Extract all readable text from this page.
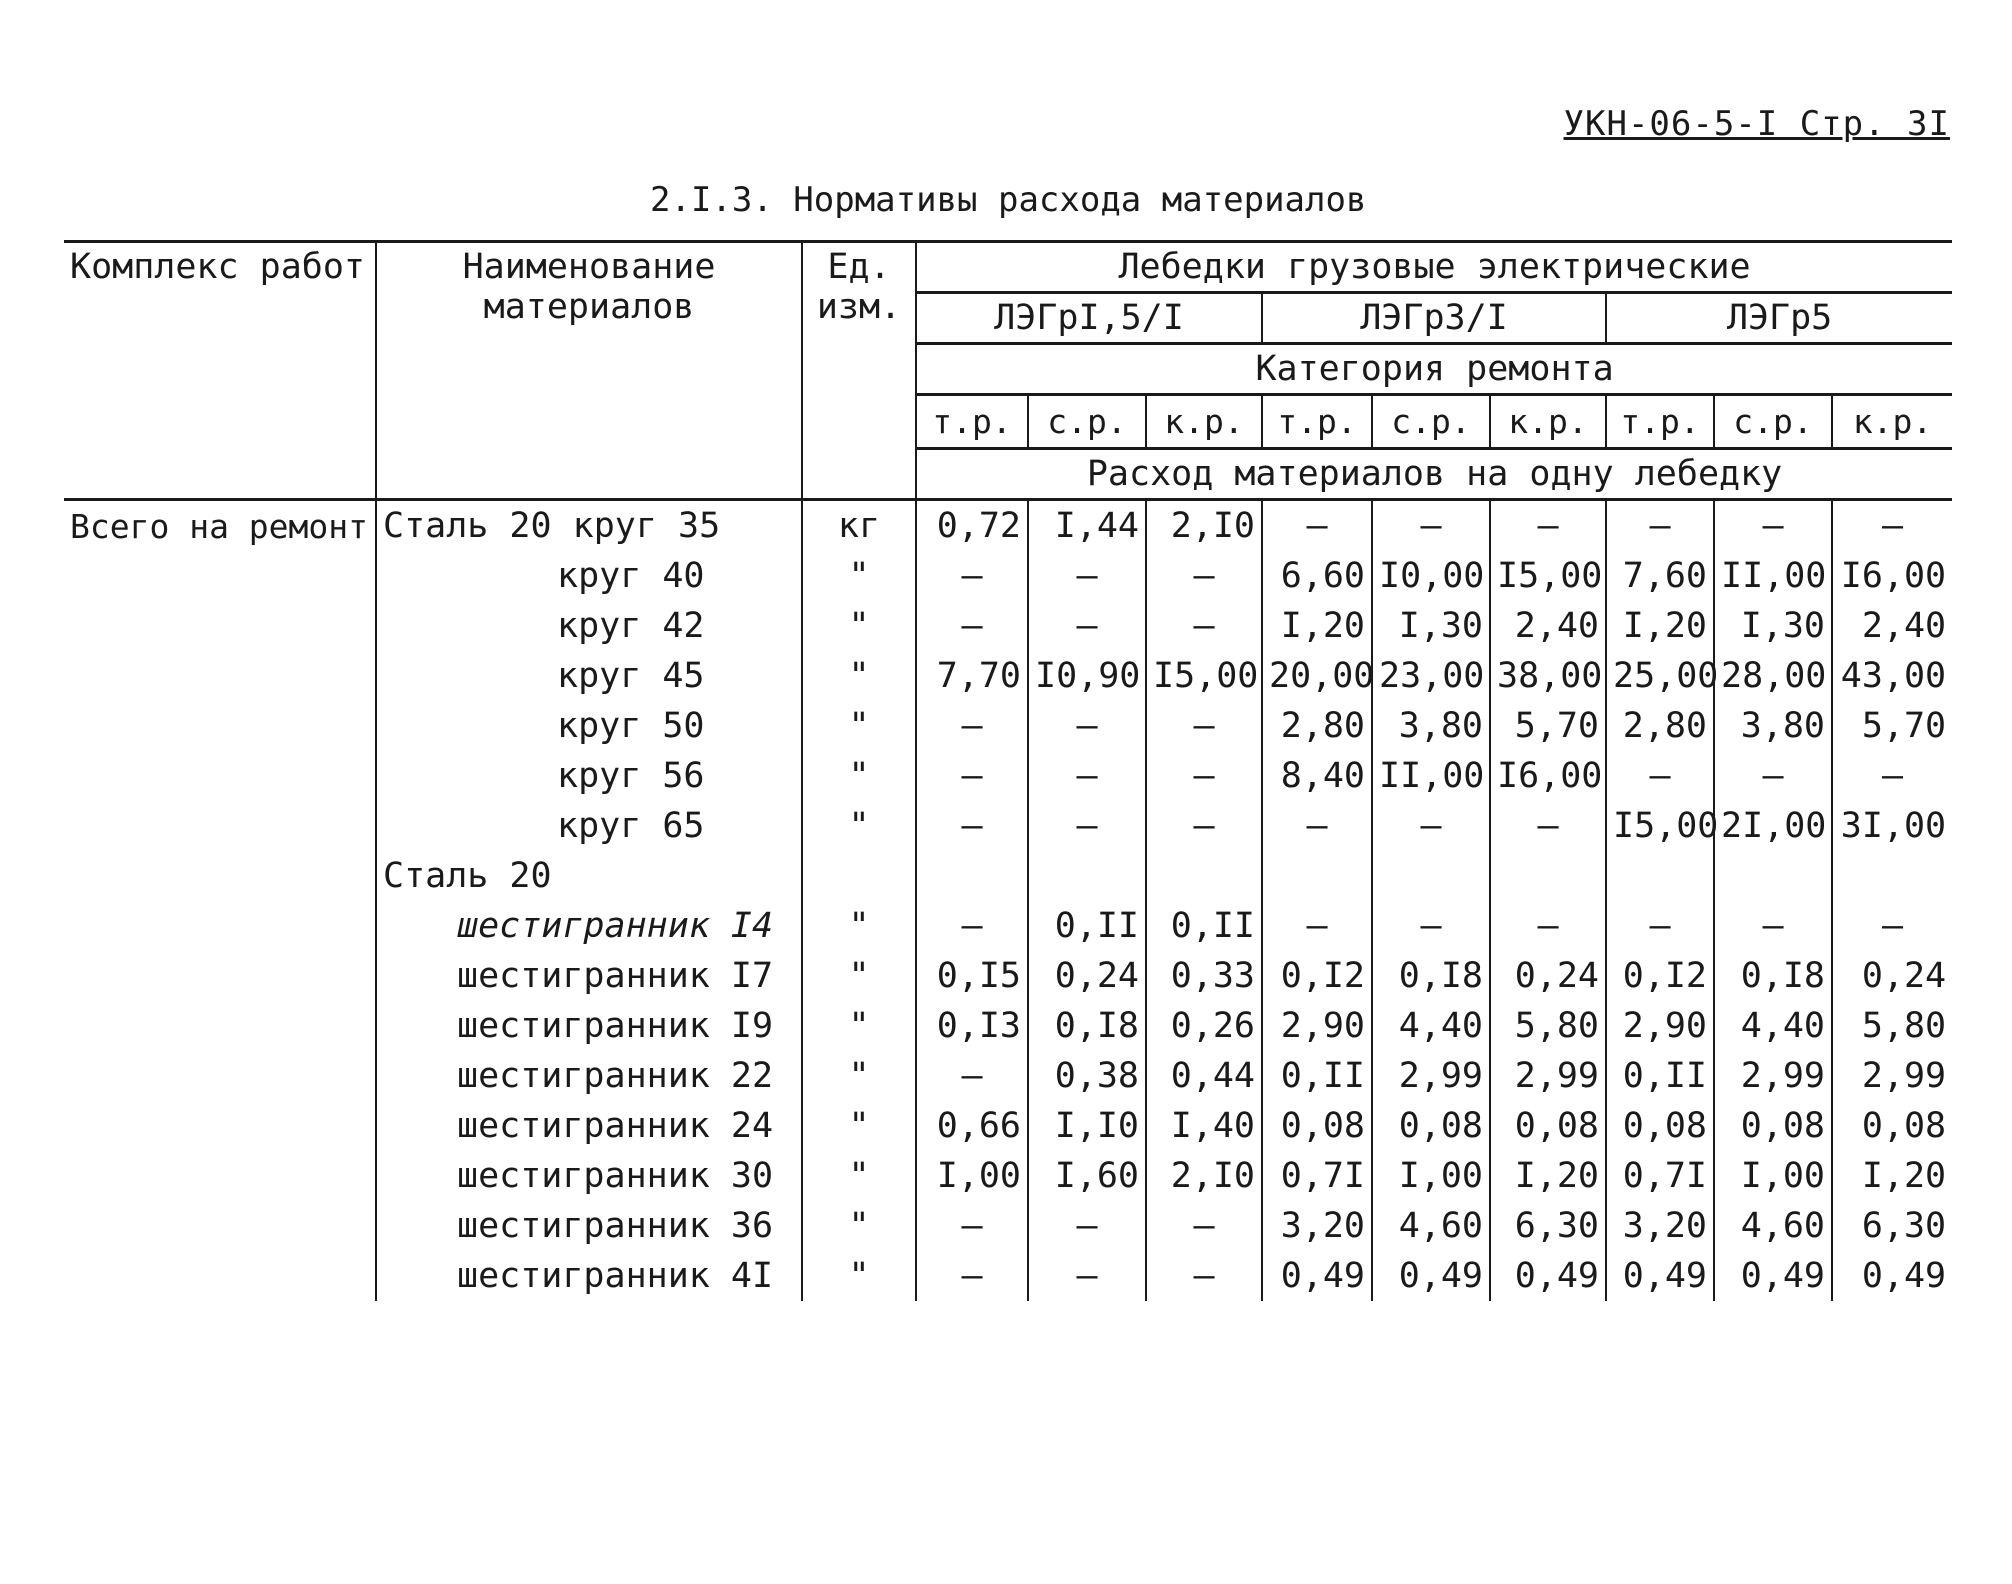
УКН-06-5-I Стр. 3I
2.I.3. Нормативы расхода материалов
Комплекс работ	Наименование материалов	Ед. изм.	Лебедки грузовые электрические								
			ЛЭГрI,5/I			ЛЭГр3/I			ЛЭГр5		
			Категория ремонта								
			т.р.	с.р.	к.р.	т.р.	с.р.	к.р.	т.р.	с.р.	к.р.
			Расход материалов на одну лебедку								
Всего на ремонт	Сталь 20 круг 35	кг	0,72	I,44	2,I0	–	–	–	–	–	–
	круг 40	"	–	–	–	6,60	I0,00	I5,00	7,60	II,00	I6,00
	круг 42	"	–	–	–	I,20	I,30	2,40	I,20	I,30	2,40
	круг 45	"	7,70	I0,90	I5,00	20,00	23,00	38,00	25,00	28,00	43,00
	круг 50	"	–	–	–	2,80	3,80	5,70	2,80	3,80	5,70
	круг 56	"	–	–	–	8,40	II,00	I6,00	–	–	–
	круг 65	"	–	–	–	–	–	–	I5,00	2I,00	3I,00
	Сталь 20										
	шестигранник I4	"	–	0,II	0,II	–	–	–	–	–	–
	шестигранник I7	"	0,I5	0,24	0,33	0,I2	0,I8	0,24	0,I2	0,I8	0,24
	шестигранник I9	"	0,I3	0,I8	0,26	2,90	4,40	5,80	2,90	4,40	5,80
	шестигранник 22	"	–	0,38	0,44	0,II	2,99	2,99	0,II	2,99	2,99
	шестигранник 24	"	0,66	I,I0	I,40	0,08	0,08	0,08	0,08	0,08	0,08
	шестигранник 30	"	I,00	I,60	2,I0	0,7I	I,00	I,20	0,7I	I,00	I,20
	шестигранник 36	"	–	–	–	3,20	4,60	6,30	3,20	4,60	6,30
	шестигранник 4I	"	–	–	–	0,49	0,49	0,49	0,49	0,49	0,49
